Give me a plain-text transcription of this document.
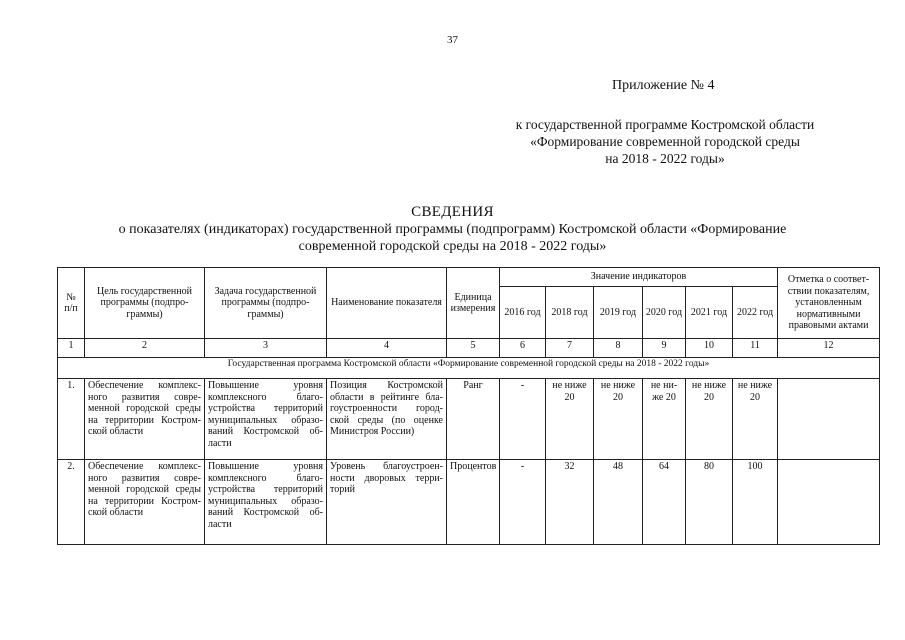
37
Приложение № 4
к государственной программе Костромской области
«Формирование современной городской среды
на 2018 - 2022 годы»
СВЕДЕНИЯ
о показателях (индикаторах) государственной программы (подпрограмм) Костромской области «Формирование современной городской среды на 2018 - 2022 годы»
№ п/п	Цель государственной программы (подпро-граммы)	Задача государственной программы (подпро-граммы)	Наименование показателя	Единица измерения	Значение индикаторов						Отметка о соответ-ствии показателям, установленным нормативными правовыми актами
					2016 год	2018 год	2019 год	2020 год	2021 год	2022 год	
1	2	3	4	5	6	7	8	9	10	11	12
Государственная программа Костромской области «Формирование современной городской среды на 2018 - 2022 годы»											
1.	Обеспечение комплекс-ного развития совре-менной городской среды на территории Костром-ской области	Повышение уровня комплексного благо-устройства территорий муниципальных образо-ваний Костромской об-ласти	Позиция Костромской области в рейтинге бла-гоустроенности город-ской среды (по оценке Министроя России)	Ранг	-	не ниже 20	не ниже 20	не ни-же 20	не ниже 20	не ниже 20	
2.	Обеспечение комплекс-ного развития совре-менной городской среды на территории Костром-ской области	Повышение уровня комплексного благо-устройства территорий муниципальных образо-ваний Костромской об-ласти	Уровень благоустроен-ности дворовых терри-торий	Процентов	-	32	48	64	80	100	
